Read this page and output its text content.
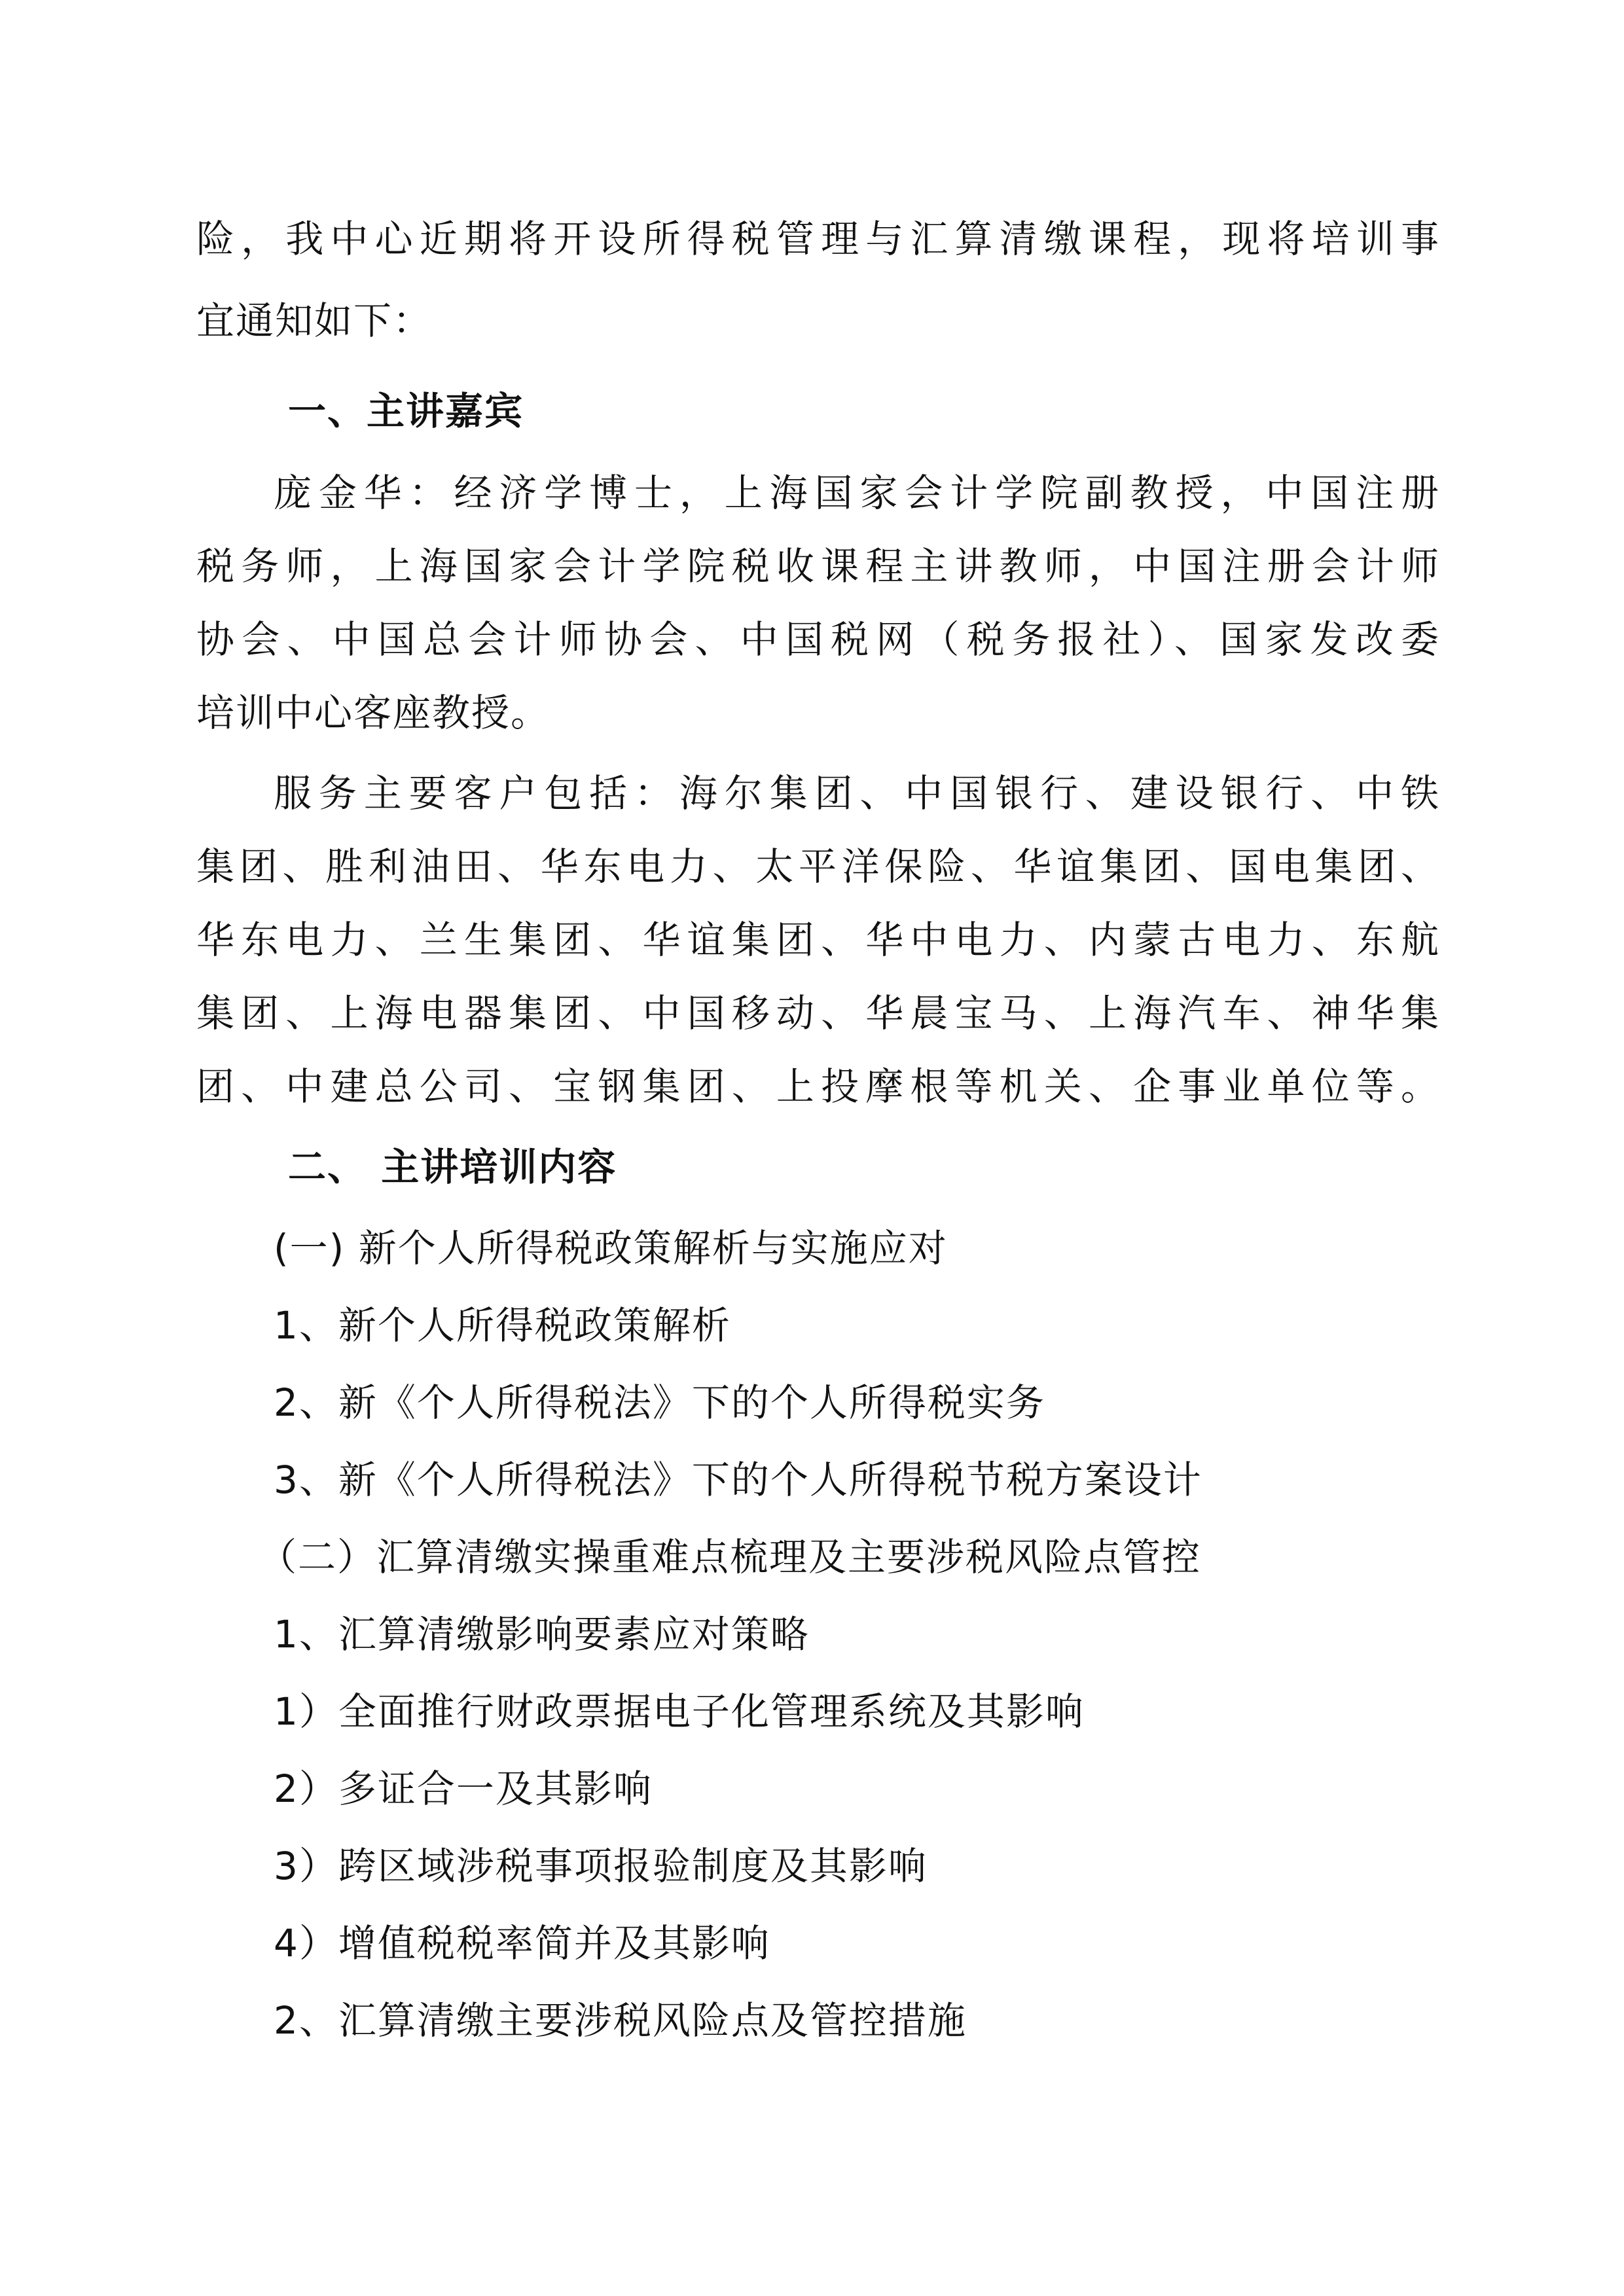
险，我中心近期将开设所得税管理与汇算清缴课程，现将培训事
宜通知如下：
一、主讲嘉宾
庞金华：经济学博士，上海国家会计学院副教授，中国注册
税务师，上海国家会计学院税收课程主讲教师，中国注册会计师
协会、中国总会计师协会、中国税网（税务报社）、国家发改委
培训中心客座教授。
服务主要客户包括：海尔集团、中国银行、建设银行、中铁
集团、胜利油田、华东电力、太平洋保险、华谊集团、国电集团、
华东电力、兰生集团、华谊集团、华中电力、内蒙古电力、东航
集团、上海电器集团、中国移动、华晨宝马、上海汽车、神华集
团、中建总公司、宝钢集团、上投摩根等机关、企事业单位等。
二、 主讲培训内容
(一) 新个人所得税政策解析与实施应对
1、新个人所得税政策解析
2、新《个人所得税法》下的个人所得税实务
3、新《个人所得税法》下的个人所得税节税方案设计
（二）汇算清缴实操重难点梳理及主要涉税风险点管控
1、汇算清缴影响要素应对策略
1）全面推行财政票据电子化管理系统及其影响
2）多证合一及其影响
3）跨区域涉税事项报验制度及其影响
4）增值税税率简并及其影响
2、汇算清缴主要涉税风险点及管控措施
